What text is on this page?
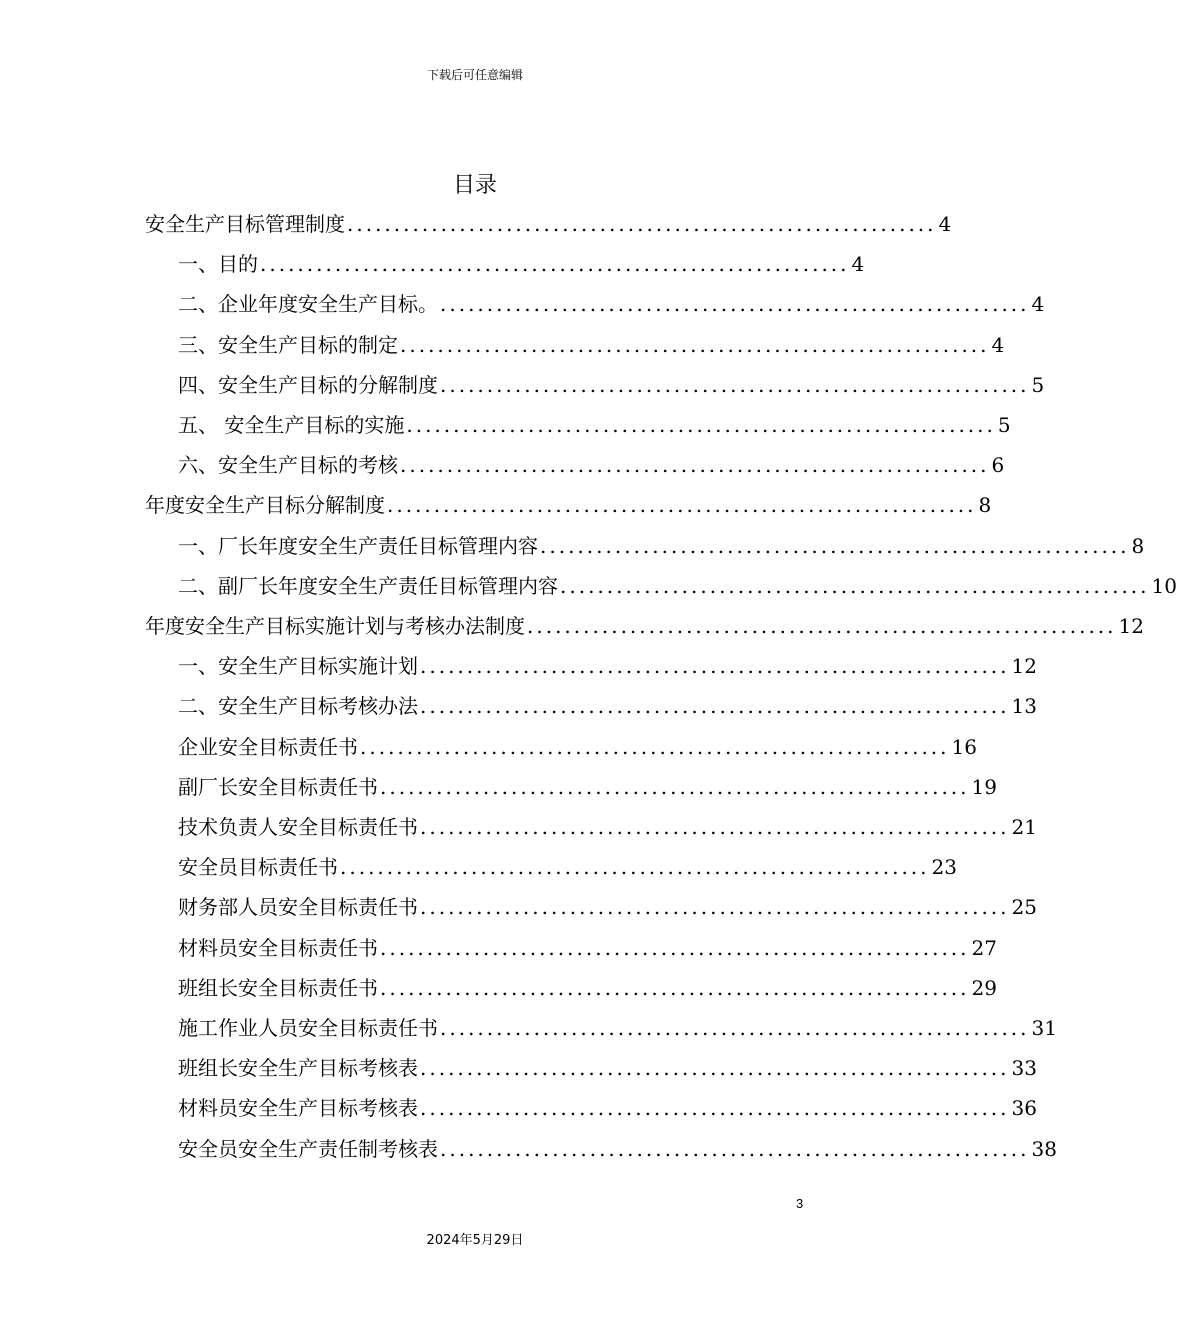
下载后可任意编辑
目录
安全生产目标管理制度 ............................................................... 4
一、目的 ............................................................... 4
二、企业年度安全生产目标。 ............................................................... 4
三、安全生产目标的制定 ............................................................... 4
四、安全生产目标的分解制度 ............................................................... 5
五、 安全生产目标的实施 ............................................................... 5
六、安全生产目标的考核 ............................................................... 6
年度安全生产目标分解制度 ............................................................... 8
一、厂长年度安全生产责任目标管理内容 ............................................................... 8
二、副厂长年度安全生产责任目标管理内容 ............................................................... 10
年度安全生产目标实施计划与考核办法制度 ............................................................... 12
一、安全生产目标实施计划 ............................................................... 12
二、安全生产目标考核办法 ............................................................... 13
企业安全目标责任书 ............................................................... 16
副厂长安全目标责任书 ............................................................... 19
技术负责人安全目标责任书 ............................................................... 21
安全员目标责任书 ............................................................... 23
财务部人员安全目标责任书 ............................................................... 25
材料员安全目标责任书 ............................................................... 27
班组长安全目标责任书 ............................................................... 29
施工作业人员安全目标责任书 ............................................................... 31
班组长安全生产目标考核表 ............................................................... 33
材料员安全生产目标考核表 ............................................................... 36
安全员安全生产责任制考核表 ............................................................... 38
3
2024年5月29日
